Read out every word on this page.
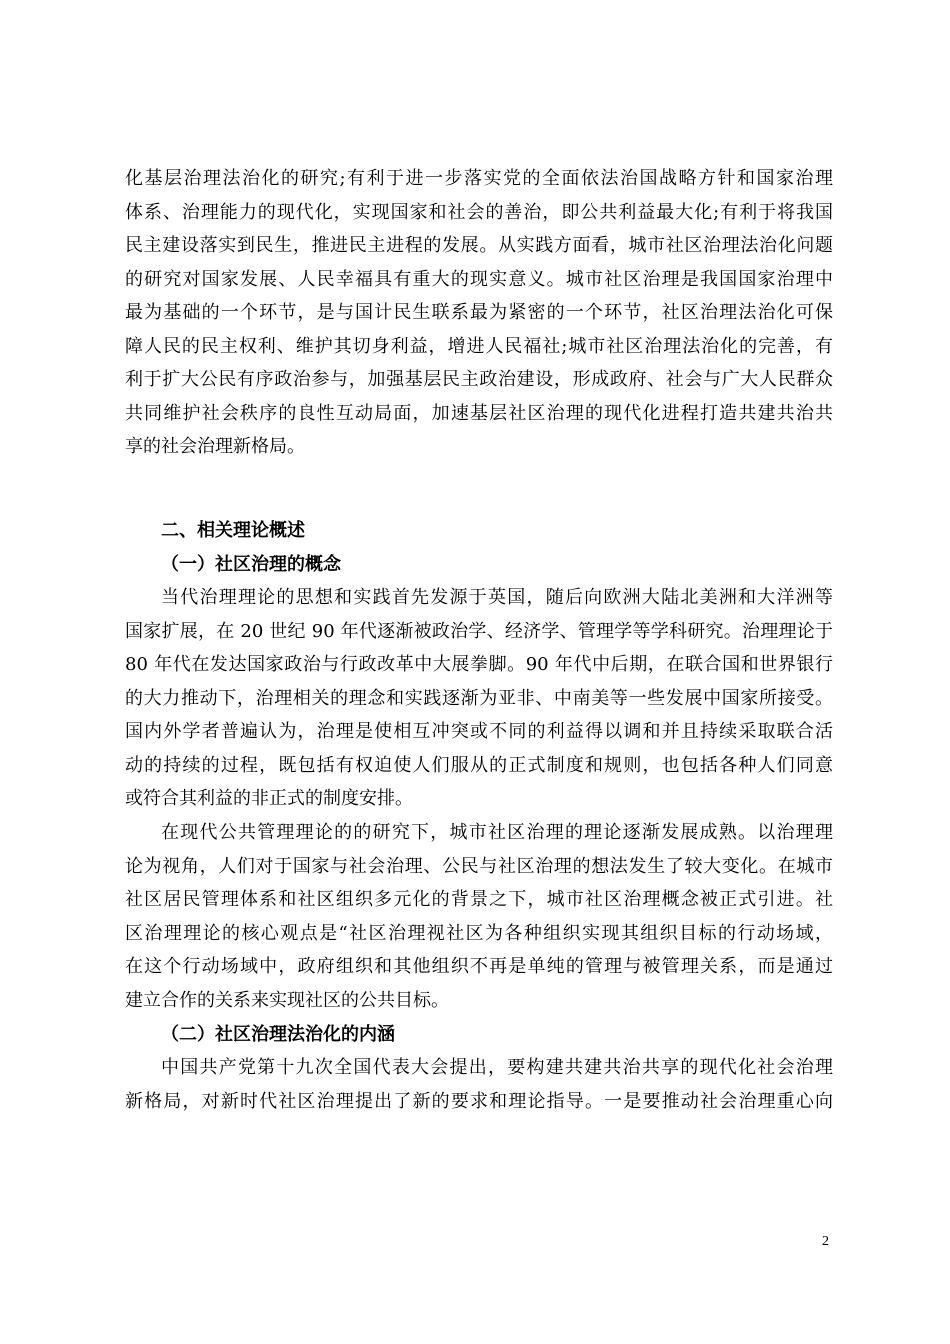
化基层治理法治化的研究;有利于进一步落实党的全面依法治国战略方针和国家治理
体系、治理能力的现代化，实现国家和社会的善治，即公共利益最大化;有利于将我国
民主建设落实到民生，推进民主进程的发展。从实践方面看，城市社区治理法治化问题
的研究对国家发展、人民幸福具有重大的现实意义。城市社区治理是我国国家治理中
最为基础的一个环节，是与国计民生联系最为紧密的一个环节，社区治理法治化可保
障人民的民主权利、维护其切身利益，增进人民福社;城市社区治理法治化的完善，有
利于扩大公民有序政治参与，加强基层民主政治建设，形成政府、社会与广大人民群众
共同维护社会秩序的良性互动局面，加速基层社区治理的现代化进程打造共建共治共
享的社会治理新格局。
二、相关理论概述
（一）社区治理的概念
当代治理理论的思想和实践首先发源于英国，随后向欧洲大陆北美洲和大洋洲等
国家扩展，在 20 世纪 90 年代逐渐被政治学、经济学、管理学等学科研究。治理理论于
80 年代在发达国家政治与行政改革中大展拳脚。90 年代中后期，在联合国和世界银行
的大力推动下，治理相关的理念和实践逐渐为亚非、中南美等一些发展中国家所接受。
国内外学者普遍认为，治理是使相互冲突或不同的利益得以调和并且持续采取联合活
动的持续的过程，既包括有权迫使人们服从的正式制度和规则，也包括各种人们同意
或符合其利益的非正式的制度安排。
在现代公共管理理论的的研究下，城市社区治理的理论逐渐发展成熟。以治理理
论为视角，人们对于国家与社会治理、公民与社区治理的想法发生了较大变化。在城市
社区居民管理体系和社区组织多元化的背景之下，城市社区治理概念被正式引进。社
区治理理论的核心观点是“社区治理视社区为各种组织实现其组织目标的行动场域，
在这个行动场域中，政府组织和其他组织不再是单纯的管理与被管理关系，而是通过
建立合作的关系来实现社区的公共目标。
（二）社区治理法治化的内涵
中国共产党第十九次全国代表大会提出，要构建共建共治共享的现代化社会治理
新格局，对新时代社区治理提出了新的要求和理论指导。一是要推动社会治理重心向
2
